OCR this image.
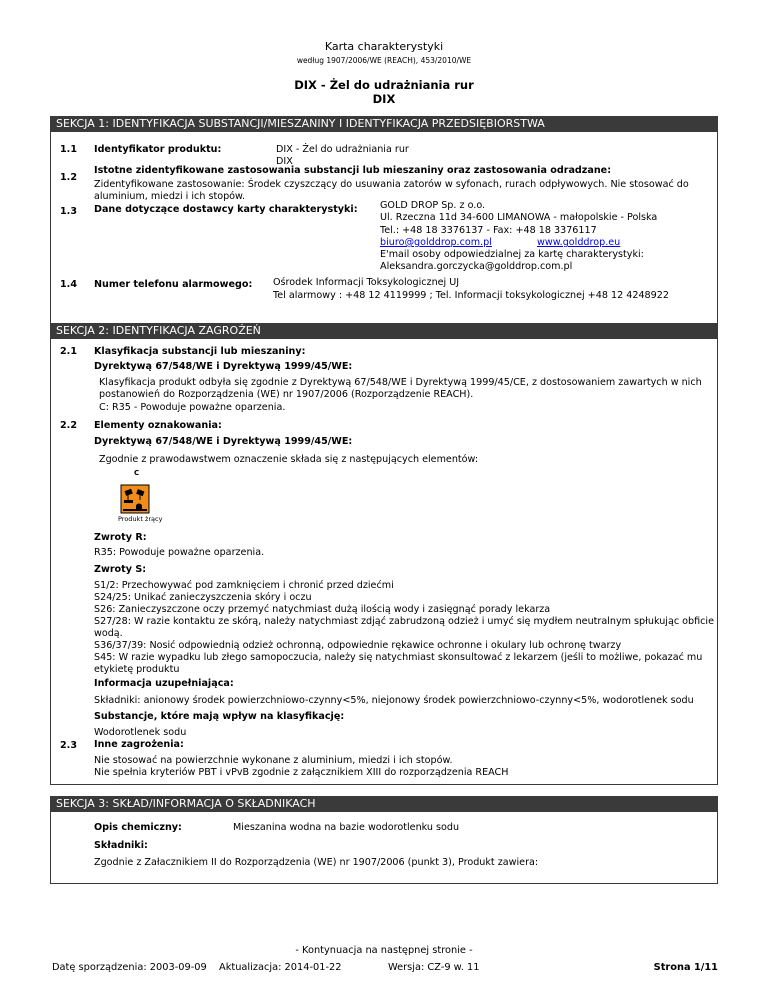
Karta charakterystyki
według 1907/2006/WE (REACH), 453/2010/WE
DIX - Żel do udrażniania rur
DIX
SEKCJA 1: IDENTYFIKACJA SUBSTANCJI/MIESZANINY I IDENTYFIKACJA PRZEDSIĘBIORSTWA
1.1 Identyfikator produktu:	DIX - Żel do udrażniania rur
DIX
1.2
Istotne zidentyfikowane zastosowania substancji lub mieszaniny oraz zastosowania odradzane:
Zidentyfikowane zastosowanie: Środek czyszczący do usuwania zatorów w syfonach, rurach odpływowych. Nie stosować do
aluminium, miedzi i ich stopów.
1.3 Dane dotyczące dostawcy karty charakterystyki: GOLD DROP Sp. z o.o.
Ul. Rzeczna 11d 34-600 LIMANOWA - małopolskie - Polska
Tel.: +48 18 3376137 - Fax: +48 18 3376117
biuro@golddrop.com.pl	www.golddrop.eu
E'mail osoby odpowiedzialnej za kartę charakterystyki:
Aleksandra.gorczycka@golddrop.com.pl
1.4 Numer telefonu alarmowego: Ośrodek Informacji Toksykologicznej UJ
Tel alarmowy : +48 12 4119999 ; Tel. Informacji toksykologicznej +48 12 4248922
SEKCJA 2: IDENTYFIKACJA ZAGROŻEŃ
2.1 Klasyfikacja substancji lub mieszaniny:
Dyrektywą 67/548/WE i Dyrektywą 1999/45/WE:
Klasyfikacja produkt odbyła się zgodnie z Dyrektywą 67/548/WE i Dyrektywą 1999/45/CE, z dostosowaniem zawartych w nich
postanowień do Rozporządzenia (WE) nr 1907/2006 (Rozporządzenie REACH).
C: R35 - Powoduje poważne oparzenia.
2.2 Elementy oznakowania:
Dyrektywą 67/548/WE i Dyrektywą 1999/45/WE:
Zgodnie z prawodawstwem oznaczenie składa się z następujących elementów:
C
Produkt żrący
Zwroty R:
R35: Powoduje poważne oparzenia.
Zwroty S:
S1/2: Przechowywać pod zamknięciem i chronić przed dziećmi
S24/25: Unikać zanieczyszczenia skóry i oczu
S26: Zanieczyszczone oczy przemyć natychmiast dużą ilością wody i zasięgnąć porady lekarza
S27/28: W razie kontaktu ze skórą, należy natychmiast zdjąć zabrudzoną odzież i umyć się mydłem neutralnym spłukując obficie
wodą.
S36/37/39: Nosić odpowiednią odzież ochronną, odpowiednie rękawice ochronne i okulary lub ochronę twarzy
S45: W razie wypadku lub złego samopoczucia, należy się natychmiast skonsultować z lekarzem (jeśli to możliwe, pokazać mu
etykietę produktu
Informacja uzupełniająca:
Składniki: anionowy środek powierzchniowo-czynny<5%, niejonowy środek powierzchniowo-czynny<5%, wodorotlenek sodu
Substancje, które mają wpływ na klasyfikację:
Wodorotlenek sodu
2.3 Inne zagrożenia:
Nie stosować na powierzchnie wykonane z aluminium, miedzi i ich stopów.
Nie spełnia kryteriów PBT i vPvB zgodnie z załącznikiem XIII do rozporządzenia REACH
SEKCJA 3: SKŁAD/INFORMACJA O SKŁADNIKACH
Opis chemiczny:	Mieszanina wodna na bazie wodorotlenku sodu
Składniki:
Zgodnie z Załacznikiem II do Rozporządzenia (WE) nr 1907/2006 (punkt 3), Produkt zawiera:
- Kontynuacja na następnej stronie -
Datę sporządzenia: 2003-09-09 Aktualizacja: 2014-01-22	Wersja: CZ-9 w. 11	Strona 1/11
